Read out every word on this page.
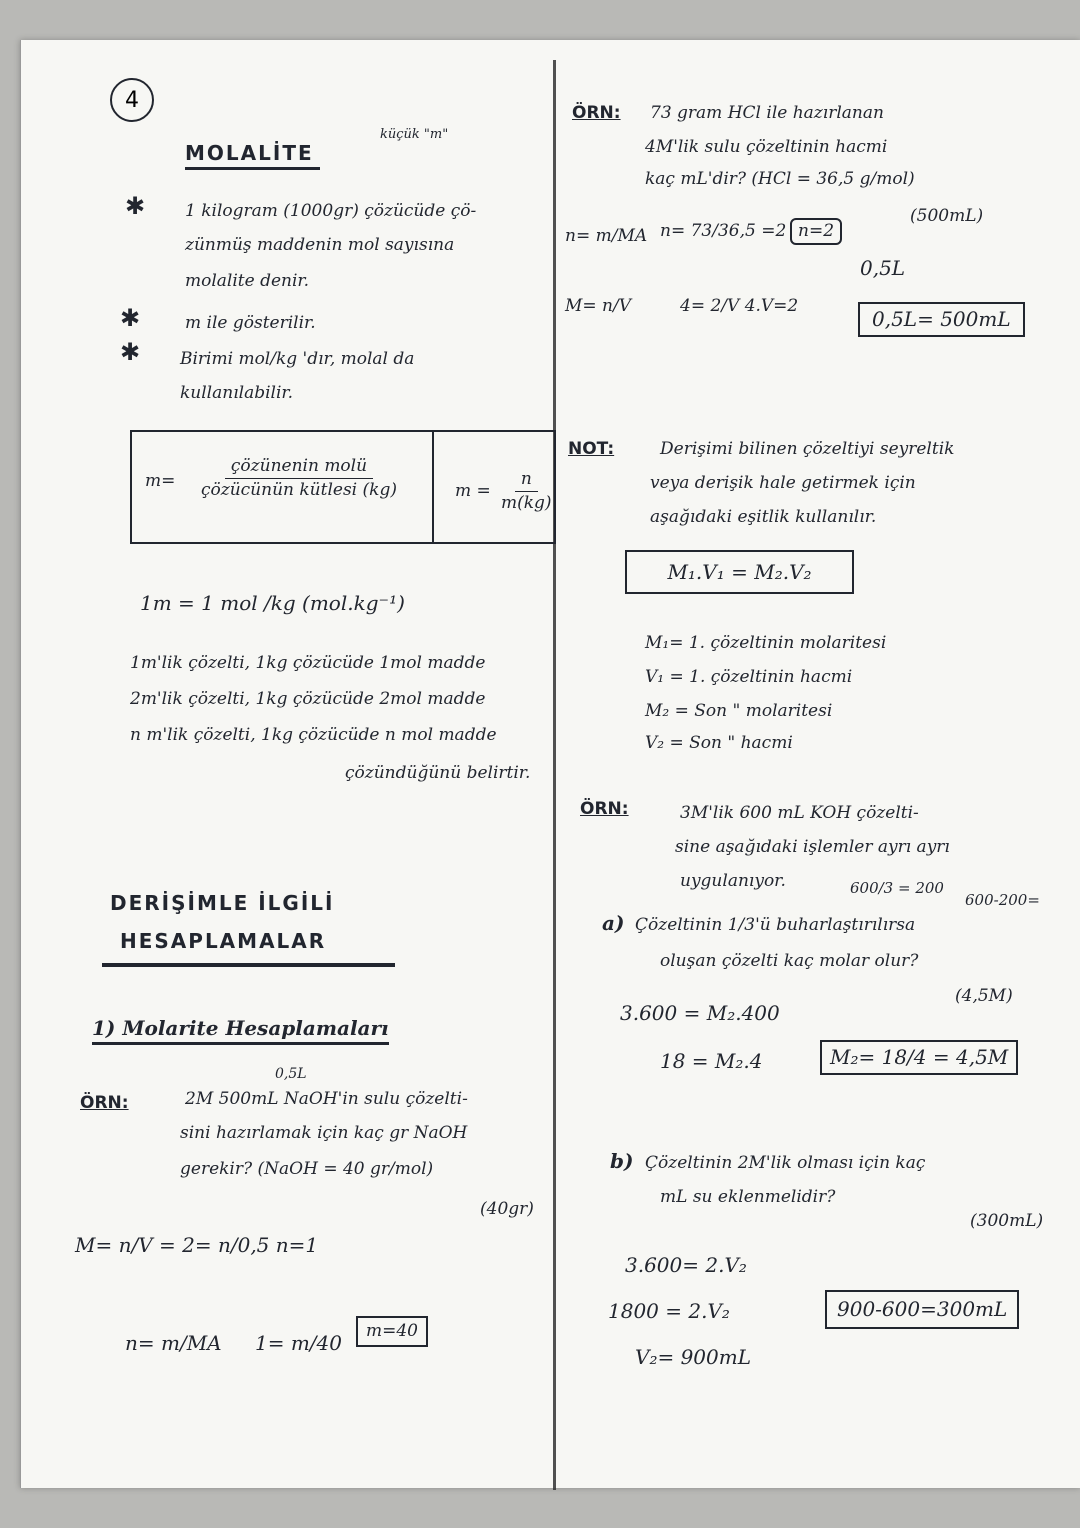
4
MOLALİTE
küçük "m"
✱ 1 kilogram (1000gr) çözücüde çö-
zünmüş maddenin mol sayısına
molalite denir.
✱	m ile gösterilir.
✱ Birimi mol/kg 'dır, molal da
kullanılabilir.
$m= \frac{\text{çözünenin molü}}{\text{çözücünün kütlesi (kg)}}$	$m = \frac{n}{m(kg)}$
1m = 1 mol /kg (mol.kg⁻¹)
1m'lik çözelti, 1kg çözücüde 1mol madde
2m'lik çözelti, 1kg çözücüde 2mol madde
n m'lik çözelti, 1kg çözücüde n mol madde
çözündüğünü belirtir.
DERİŞİMLE İLGİLİ
HESAPLAMALAR
1) Molarite Hesaplamaları
0,5L
ÖRN:	2M 500mL NaOH'in sulu çözelti-
sini hazırlamak için kaç gr NaOH
gerekir? (NaOH = 40 gr/mol)
(40gr)
M= n/V = 2= n/0,5 n=1
n= m/MA 1= m/40	m=40
ÖRN: 73 gram HCl ile hazırlanan
4M'lik sulu çözeltinin hacmi
kaç mL'dir? (HCl = 36,5 g/mol)
(500mL)
n= m/MA n= 73/36,5 =2 n=2
M= n/V	4= 2/V 4.V=2
0,5L
0,5L= 500mL
NOT:	Derişimi bilinen çözeltiyi seyreltik
veya derişik hale getirmek için
aşağıdaki eşitlik kullanılır.
M₁.V₁ = M₂.V₂
M₁= 1. çözeltinin molaritesi
V₁ = 1. çözeltinin hacmi
M₂ = Son " molaritesi
V₂ = Son " hacmi
ÖRN:	3M'lik 600 mL KOH çözelti-
sine aşağıdaki işlemler ayrı ayrı
uygulanıyor.	600/3 = 200
600-200=
a) Çözeltinin 1/3'ü buharlaştırılırsa
oluşan çözelti kaç molar olur?
(4,5M)
3.600 = M₂.400
18 = M₂.4	M₂= 18/4 = 4,5M
b) Çözeltinin 2M'lik olması için kaç
mL su eklenmelidir?
(300mL)
3.600= 2.V₂
1800 = 2.V₂
V₂= 900mL
900-600=300mL
